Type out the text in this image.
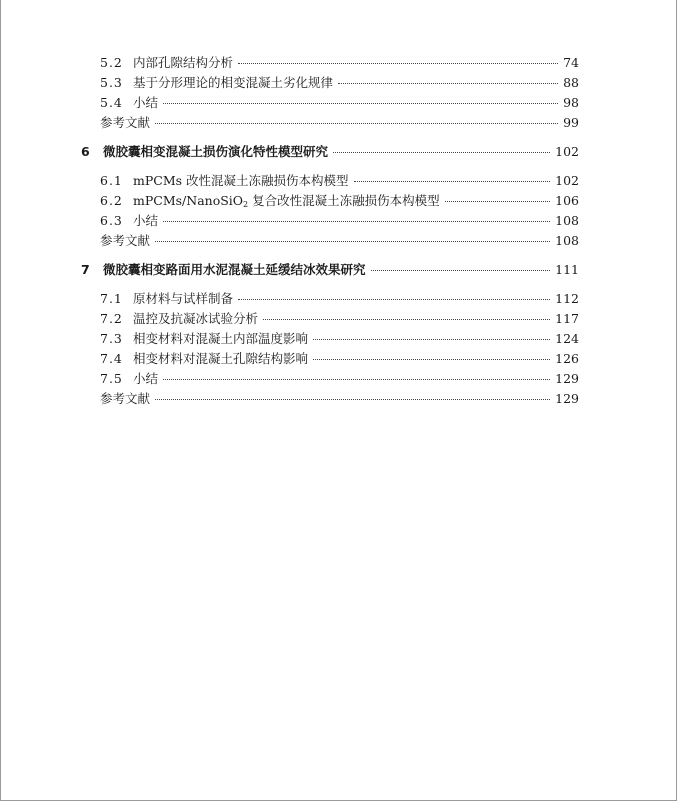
5.2 内部孔隙结构分析	74
5.3 基于分形理论的相变混凝土劣化规律	88
5.4 小结	98
参考文献	99
6	微胶囊相变混凝土损伤演化特性模型研究	102
6.1 mPCMs 改性混凝土冻融损伤本构模型	102
6.2 mPCMs/NanoSiO$_2$ 复合改性混凝土冻融损伤本构模型	106
6.3 小结	108
参考文献	108
7	微胶囊相变路面用水泥混凝土延缓结冰效果研究	111
7.1 原材料与试样制备	112
7.2 温控及抗凝冰试验分析	117
7.3 相变材料对混凝土内部温度影响	124
7.4 相变材料对混凝土孔隙结构影响	126
7.5 小结	129
参考文献	129
